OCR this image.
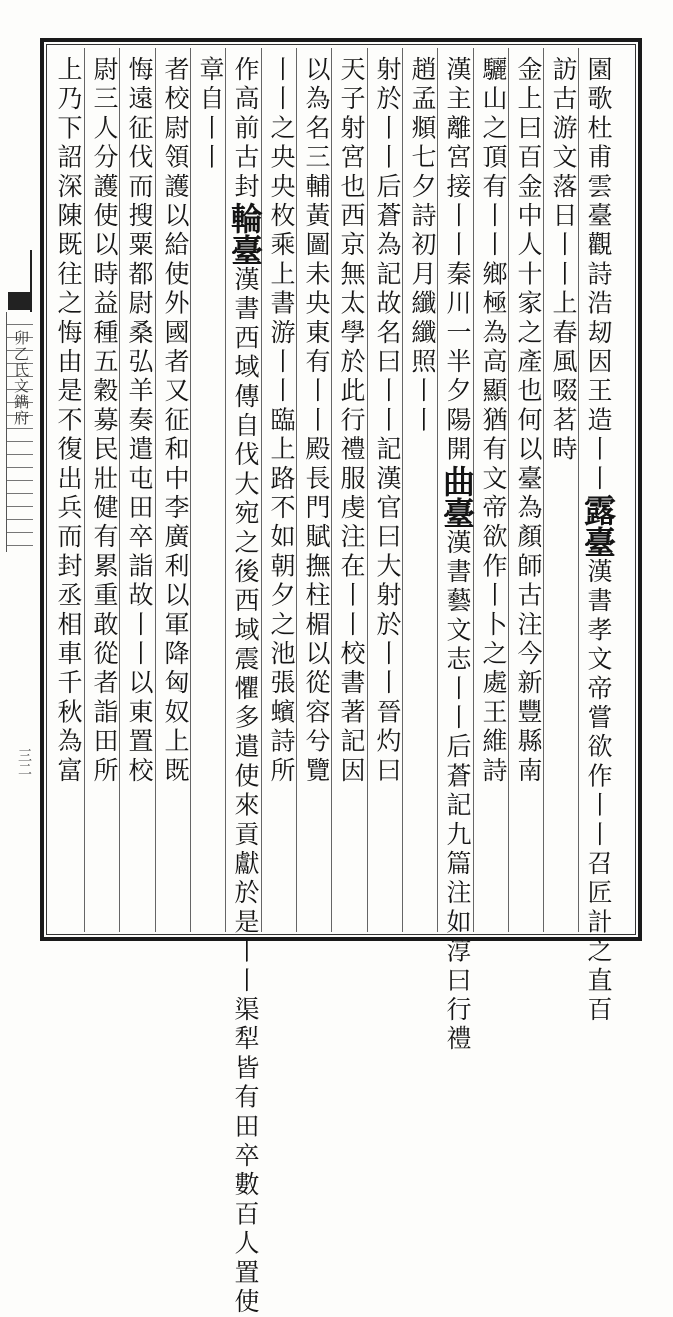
卯乙氏文鐫府
三二
園歌杜甫雲臺觀詩浩刼因王造丨丨露臺漢書孝文帝嘗欲作丨丨召匠計之直百
訪古游文落日丨丨上春風啜茗時
金上曰百金中人十家之產也何以臺為顏師古注今新豐縣南
驪山之頂有丨丨鄉極為高顯猶有文帝欲作丨卜之處王維詩
漢主離宮接丨丨秦川一半夕陽開曲臺漢書藝文志丨丨后蒼記九篇注如淳曰行禮
趙孟頫七夕詩初月纖纖照丨丨
射於丨丨后蒼為記故名曰丨丨記漢官曰大射於丨丨晉灼曰
天子射宮也西京無太學於此行禮服虔注在丨丨校書著記因
以為名三輔黃圖未央東有丨丨殿長門賦撫柱楣以從容兮覽
丨丨之央央枚乘上書游丨丨臨上路不如朝夕之池張蠙詩所
作高前古封輪臺漢書西域傳自伐大宛之後西域震懼多遣使來貢獻於是丨丨渠犁皆有田卒數百人置使
章自丨丨
者校尉領護以給使外國者又征和中李廣利以軍降匈奴上既
悔遠征伐而搜粟都尉桑弘羊奏遣屯田卒詣故丨丨以東置校
尉三人分護使以時益種五穀募民壯健有累重敢從者詣田所
上乃下詔深陳既往之悔由是不復出兵而封丞相車千秋為富
